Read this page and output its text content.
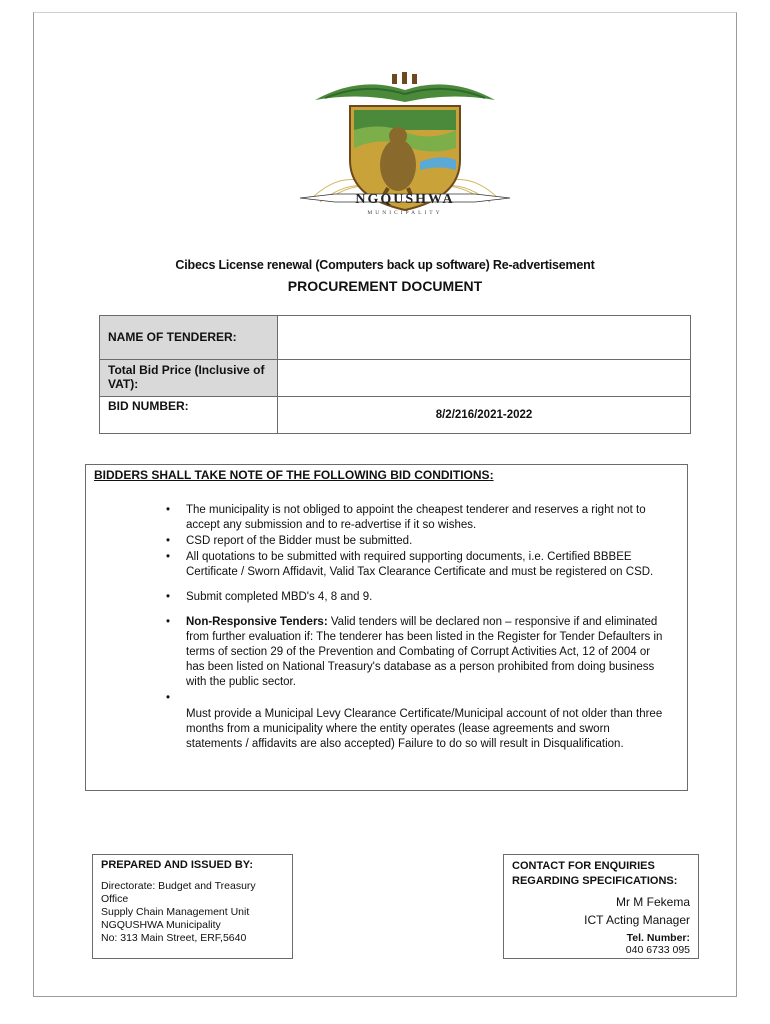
NGQUSHWA
MUNICIPALITY
Cibecs License renewal (Computers back up software) Re-advertisement
PROCUREMENT DOCUMENT
NAME OF TENDERER:	
Total Bid Price (Inclusive of VAT):	
BID NUMBER:	8/2/216/2021-2022
BIDDERS SHALL TAKE NOTE OF THE FOLLOWING BID CONDITIONS:
• The municipality is not obliged to appoint the cheapest tenderer and reserves a right not to accept any submission and to re-advertise if it so wishes.
• CSD report of the Bidder must be submitted.
• All quotations to be submitted with required supporting documents, i.e. Certified BBBEE Certificate / Sworn Affidavit, Valid Tax Clearance Certificate and must be registered on CSD.
• Submit completed MBD's 4, 8 and 9.
• Non-Responsive Tenders: Valid tenders will be declared non – responsive if and eliminated from further evaluation if: The tenderer has been listed in the Register for Tender Defaulters in terms of section 29 of the Prevention and Combating of Corrupt Activities Act, 12 of 2004 or has been listed on National Treasury's database as a person prohibited from doing business with the public sector.
•

Must provide a Municipal Levy Clearance Certificate/Municipal account of not older than three months from a municipality where the entity operates (lease agreements and sworn statements / affidavits are also accepted) Failure to do so will result in Disqualification.
PREPARED AND ISSUED BY:
Directorate: Budget and Treasury Office
Supply Chain Management Unit
NGQUSHWA Municipality
No: 313 Main Street, ERF,5640
CONTACT FOR ENQUIRIES REGARDING SPECIFICATIONS:
Mr M Fekema
ICT Acting Manager
Tel. Number:
040 6733 095
